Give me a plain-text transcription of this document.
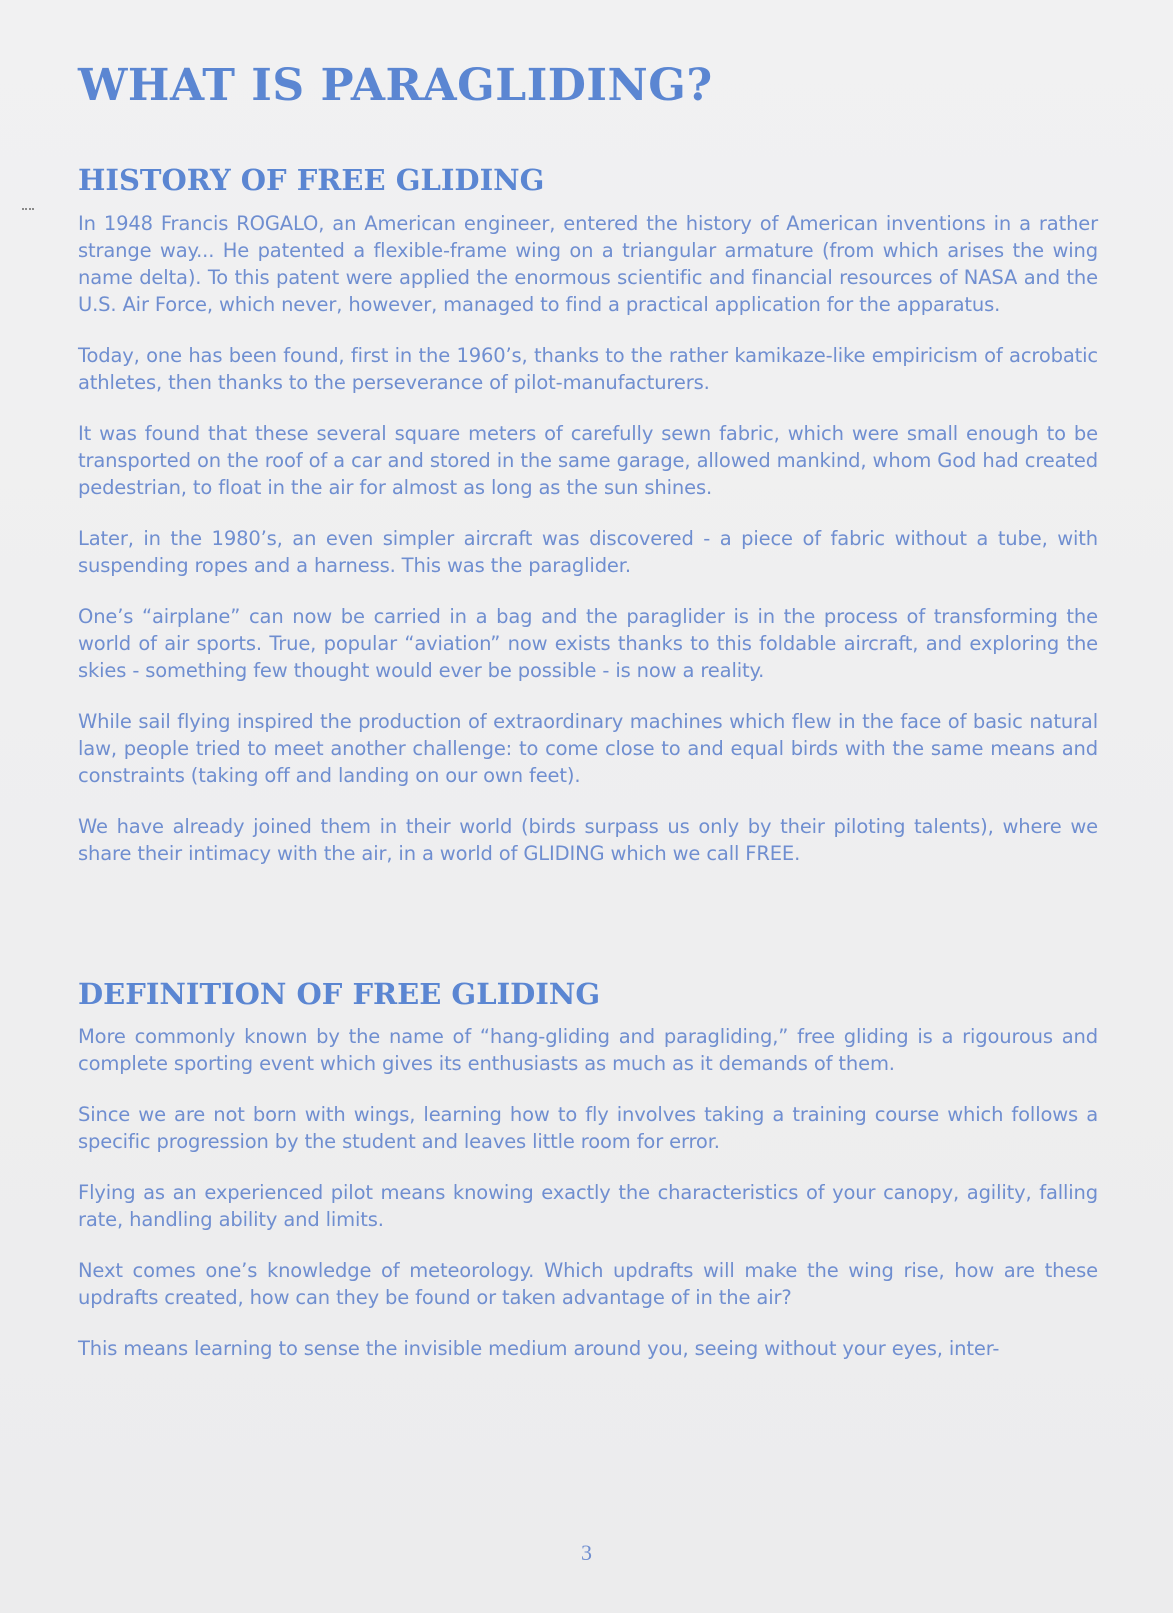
WHAT IS PARAGLIDING?
HISTORY OF FREE GLIDING

In 1948 Francis ROGALO, an American engineer, entered the history of American inventions in a rather strange way... He patented a flexible-frame wing on a triangular armature (from which arises the wing name delta). To this patent were applied the enormous scientific and financial resources of NASA and the U.S. Air Force, which never, however, managed to find a practical application for the apparatus.

Today, one has been found, first in the 1960’s, thanks to the rather kamikaze-like empiricism of acrobatic athletes, then thanks to the perseverance of pilot-manufacturers.

It was found that these several square meters of carefully sewn fabric, which were small enough to be transported on the roof of a car and stored in the same garage, allowed mankind, whom God had created pedestrian, to float in the air for almost as long as the sun shines.

Later, in the 1980’s, an even simpler aircraft was discovered - a piece of fabric without a tube, with suspending ropes and a harness. This was the paraglider.

One’s “airplane” can now be carried in a bag and the paraglider is in the process of transforming the world of air sports. True, popular “aviation” now exists thanks to this foldable aircraft, and exploring the skies - something few thought would ever be possible - is now a reality.

While sail flying inspired the production of extraordinary machines which flew in the face of basic natural law, people tried to meet another challenge: to come close to and equal birds with the same means and constraints (taking off and landing on our own feet).

We have already joined them in their world (birds surpass us only by their piloting talents), where we share their intimacy with the air, in a world of GLIDING which we call FREE.

DEFINITION OF FREE GLIDING

More commonly known by the name of “hang-gliding and paragliding,” free gliding is a rigourous and complete sporting event which gives its enthusiasts as much as it demands of them.

Since we are not born with wings, learning how to fly involves taking a training course which follows a specific progression by the student and leaves little room for error.

Flying as an experienced pilot means knowing exactly the characteristics of your canopy, agility, falling rate, handling ability and limits.

Next comes one’s knowledge of meteorology. Which updrafts will make the wing rise, how are these updrafts created, how can they be found or taken advantage of in the air?

This means learning to sense the invisible medium around you, seeing without your eyes, inter-

3
